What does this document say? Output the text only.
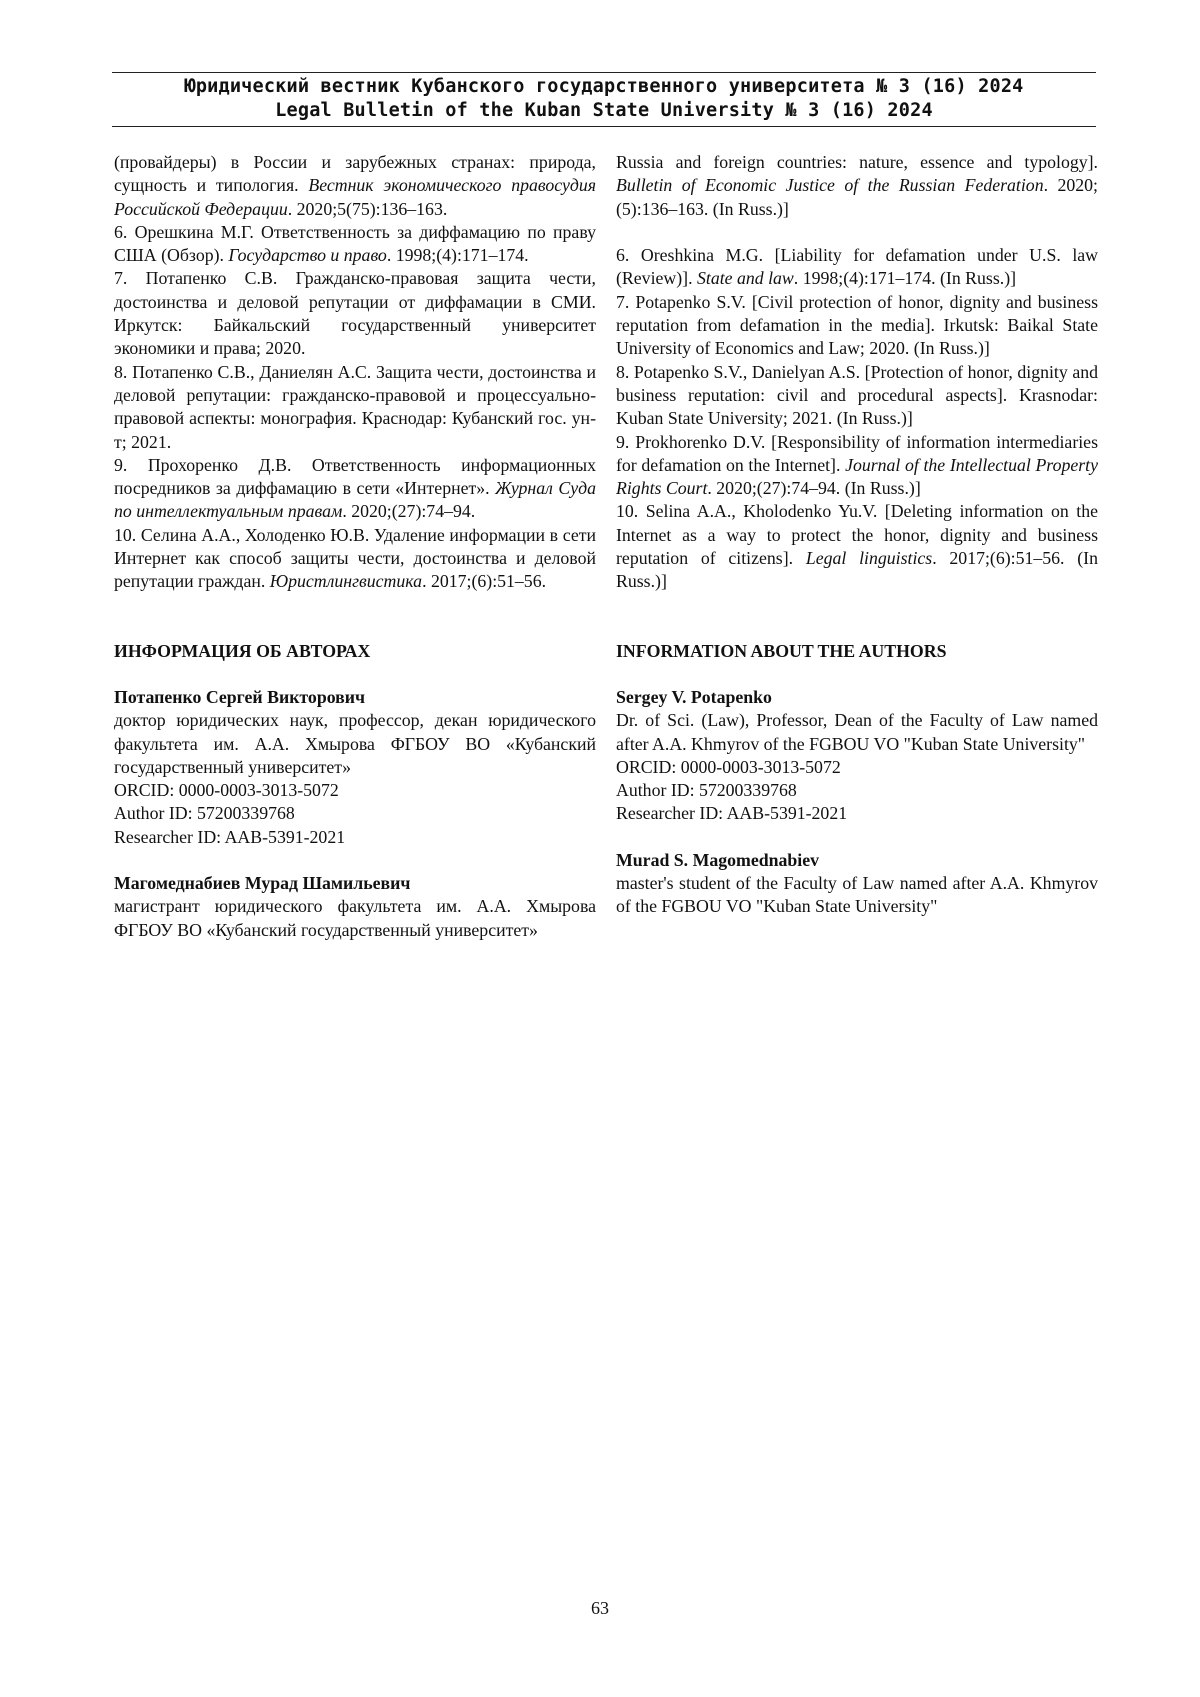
Юридический вестник Кубанского государственного университета № 3 (16) 2024
Legal Bulletin of the Kuban State University № 3 (16) 2024

(провайдеры) в России и зарубежных странах: природа, сущность и типология. Вестник экономического правосудия Российской Федерации. 2020;5(75):136–163.

6. Орешкина М.Г. Ответственность за диффамацию по праву США (Обзор). Государство и право. 1998;(4):171–174.

7. Потапенко С.В. Гражданско-правовая защита чести, достоинства и деловой репутации от диффамации в СМИ. Иркутск: Байкальский государственный университет экономики и права; 2020.

8. Потапенко С.В., Даниелян А.С. Защита чести, достоинства и деловой репутации: гражданско-правовой и процессуально-правовой аспекты: монография. Краснодар: Кубанский гос. ун-т; 2021.

9. Прохоренко Д.В. Ответственность информационных посредников за диффамацию в сети «Интернет». Журнал Суда по интеллектуальным правам. 2020;(27):74–94.

10. Селина А.А., Холоденко Ю.В. Удаление информации в сети Интернет как способ защиты чести, достоинства и деловой репутации граждан. Юристлингвистика. 2017;(6):51–56.

ИНФОРМАЦИЯ ОБ АВТОРАХ

Потапенко Сергей Викторович

доктор юридических наук, профессор, декан юридического факультета им. А.А. Хмырова ФГБОУ ВО «Кубанский государственный университет»

ORCID: 0000-0003-3013-5072

Author ID: 57200339768

Researcher ID: AAB-5391-2021

Магомеднабиев Мурад Шамильевич

магистрант юридического факультета им. А.А. Хмырова ФГБОУ ВО «Кубанский государственный университет»

Russia and foreign countries: nature, essence and typology]. Bulletin of Economic Justice of the Russian Federation. 2020;(5):136–163. (In Russ.)]

6. Oreshkina M.G. [Liability for defamation under U.S. law (Review)]. State and law. 1998;(4):171–174. (In Russ.)]

7. Potapenko S.V. [Civil protection of honor, dignity and business reputation from defamation in the media]. Irkutsk: Baikal State University of Economics and Law; 2020. (In Russ.)]

8. Potapenko S.V., Danielyan A.S. [Protection of honor, dignity and business reputation: civil and procedural aspects]. Krasnodar: Kuban State University; 2021. (In Russ.)]

9. Prokhorenko D.V. [Responsibility of information intermediaries for defamation on the Internet]. Journal of the Intellectual Property Rights Court. 2020;(27):74–94. (In Russ.)]

10. Selina A.A., Kholodenko Yu.V. [Deleting information on the Internet as a way to protect the honor, dignity and business reputation of citizens]. Legal linguistics. 2017;(6):51–56. (In Russ.)]

INFORMATION ABOUT THE AUTHORS

Sergey V. Potapenko

Dr. of Sci. (Law), Professor, Dean of the Faculty of Law named after A.A. Khmyrov of the FGBOU VO "Kuban State University"

ORCID: 0000-0003-3013-5072

Author ID: 57200339768

Researcher ID: AAB-5391-2021

Murad S. Magomednabiev

master's student of the Faculty of Law named after A.A. Khmyrov of the FGBOU VO "Kuban State University"

63
